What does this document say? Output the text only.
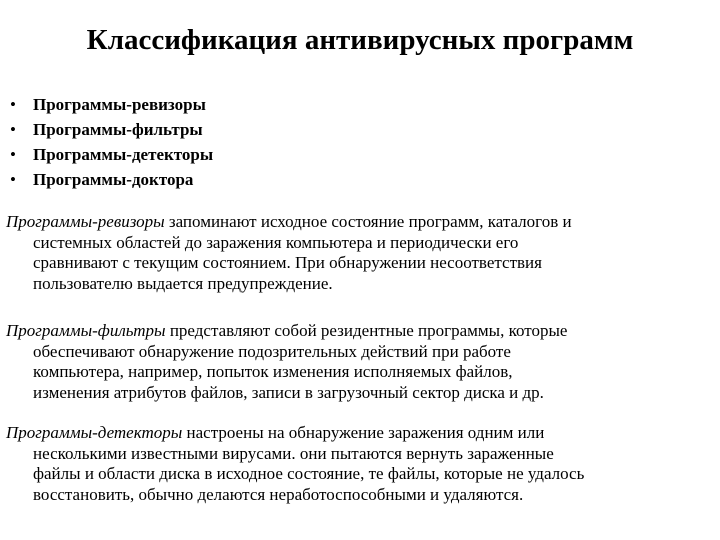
Классификация антивирусных программ
• Программы-ревизоры
• Программы-фильтры
• Программы-детекторы
• Программы-доктора
Программы-ревизоры запоминают исходное состояние программ, каталогов и
системных областей до заражения компьютера и периодически его
сравнивают с текущим состоянием. При обнаружении несоответствия
пользователю выдается предупреждение.
Программы-фильтры представляют собой резидентные программы, которые
обеспечивают обнаружение подозрительных действий при работе
компьютера, например, попыток изменения исполняемых файлов,
изменения атрибутов файлов, записи в загрузочный сектор диска и др.
Программы-детекторы настроены на обнаружение заражения одним или
несколькими известными вирусами. они пытаются вернуть зараженные
файлы и области диска в исходное состояние, те файлы, которые не удалось
восстановить, обычно делаются неработоспособными и удаляются.
